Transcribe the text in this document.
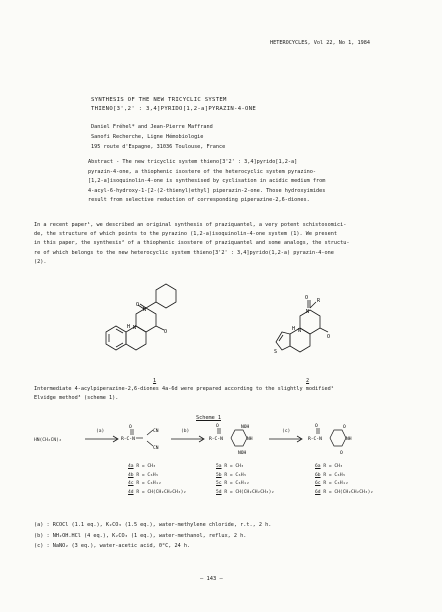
HETEROCYCLES, Vol 22, No 1, 1984
SYNTHESIS OF THE NEW TRICYCLIC SYSTEM
THIENO[3',2' : 3,4]PYRIDO[1,2-a]PYRAZIN-4-ONE
Daniel Fréhel* and Jean-Pierre Maffrand
Sanofi Recherche, Ligne Hémobiologie
195 route d'Espagne, 31036 Toulouse, France
Abstract - The new tricyclic system thieno[3'2' : 3,4]pyrido[1,2-a]
pyrazin-4-one, a thiophenic isostere of the heterocyclic system pyrazino-
[1,2-a]isoquinolin-4-one is synthesised by cyclisation in acidic medium from
4-acyl-6-hydroxy-1-[2-(2-thienyl)ethyl] piperazin-2-one. Those hydroxyimides
result from selective reduction of corresponding piperazine-2,6-diones.
In a recent paper¹, we described an original synthesis of praziquantel, a very potent schistosomici-
de, the structure of which points to the pyrazino (1,2-a)isoquinolin-4-one system (1). We present
in this paper, the synthesis² of a thiophenic isostere of praziquantel and some analogs, the structu-
re of which belongs to the new heterocyclic system thieno[3'2' : 3,4]pyrido(1,2-a) pyrazin-4-one
(2).
O
N
O
N
H
1
O R
N
O
N
H
S
2
Intermediate 4-acylpiperazine-2,6-diones 4a-6d were prepared according to the slightly modified¹
Elvidge method³ (scheme 1).
Scheme 1
HN(CH₂CN)₂
(a)
O
R-C-N
CN
CN
(b)
O
R-C-N
NOH
NH
NOH
(c)
O
R-C-N
O
NH
O
4a R = CH₃
4b R = C₆H₅
4c R = C₆H₁₂
4d R = CH(CH₂CH₂CH₃)₂
5a R = CH₃
5b R = C₆H₅
5c R = C₆H₁₂
5d R = CH(CH₂CH₂CH₃)₂
6a R = CH₃
6b R = C₆H₅
6c R = C₆H₁₂
6d R = CH(CH₂CH₂CH₃)₂
(a) : RCOCl (1.1 eq.), K₂CO₃ (1.5 eq.), water-methylene chloride, r.t., 2 h.
(b) : NH₂OH.HCl (4 eq.), K₂CO₃ (1 eq.), water-methanol, reflux, 2 h.
(c) : NaNO₂ (3 eq.), water-acetic acid, 0°C, 24 h.
— 143 —
